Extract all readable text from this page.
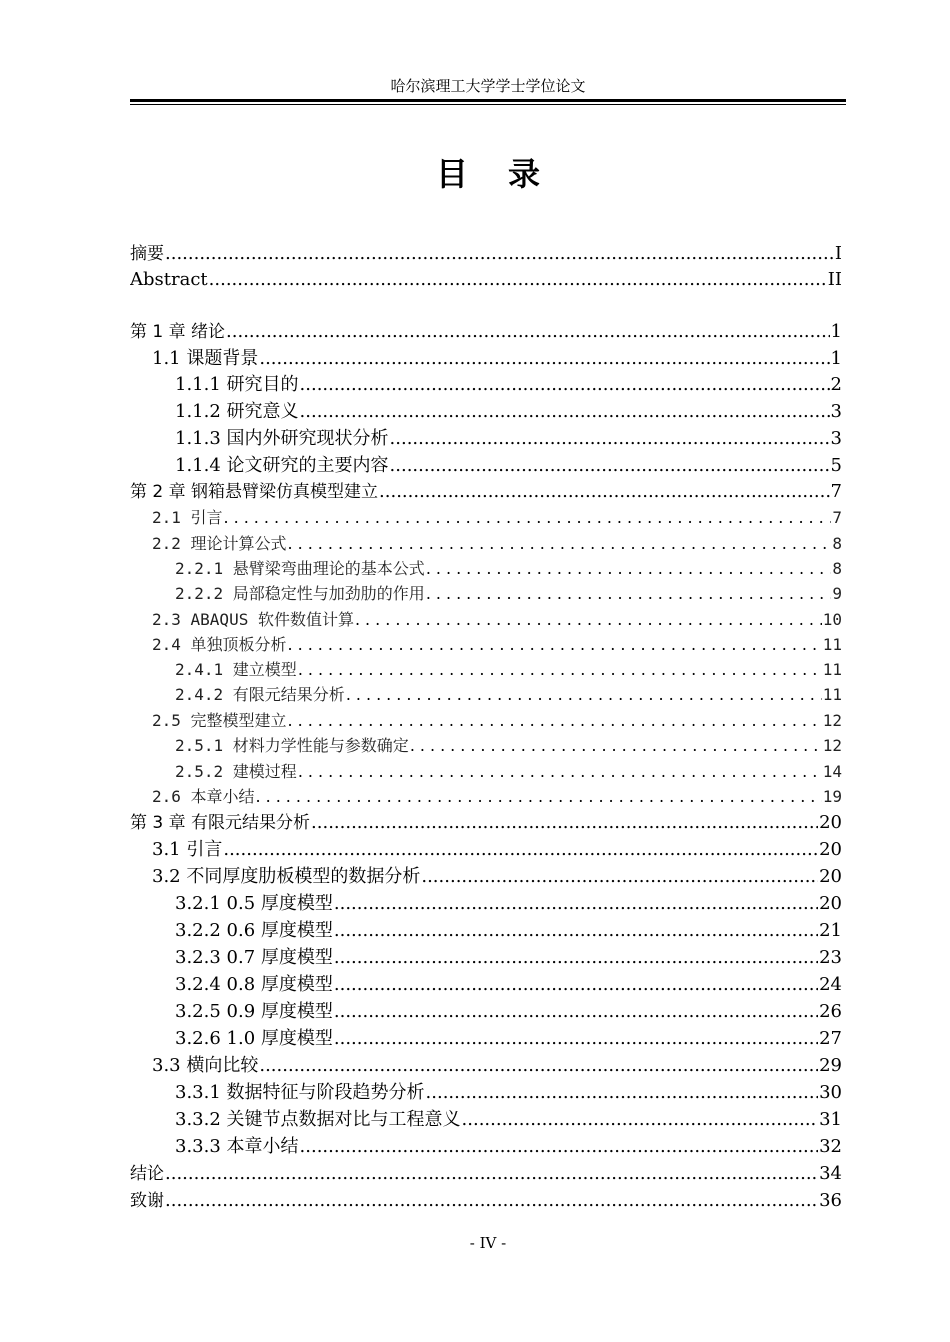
哈尔滨理工大学学士学位论文
目 录
摘要 .....	I
Abstract .....	II
第 1 章 绪论 .....	1
1.1 课题背景 .....	1
1.1.1 研究目的 .....	2
1.1.2 研究意义 .....	3
1.1.3 国内外研究现状分析 .....	3
1.1.4 论文研究的主要内容 .....	5
第 2 章 钢箱悬臂梁仿真模型建立 .....	7
2.1 引言 .....	7
2.2 理论计算公式 .....	8
2.2.1 悬臂梁弯曲理论的基本公式 .....	8
2.2.2 局部稳定性与加劲肋的作用 .....	9
2.3 ABAQUS 软件数值计算 .....	10
2.4 单独顶板分析 .....	11
2.4.1 建立模型 .....	11
2.4.2 有限元结果分析 .....	11
2.5 完整模型建立 .....	12
2.5.1 材料力学性能与参数确定 .....	12
2.5.2 建模过程 .....	14
2.6 本章小结 .....	19
第 3 章 有限元结果分析 .....	20
3.1 引言 .....	20
3.2 不同厚度肋板模型的数据分析 .....	20
3.2.1 0.5 厚度模型 .....	20
3.2.2 0.6 厚度模型 .....	21
3.2.3 0.7 厚度模型 .....	23
3.2.4 0.8 厚度模型 .....	24
3.2.5 0.9 厚度模型 .....	26
3.2.6 1.0 厚度模型 .....	27
3.3 横向比较 .....	29
3.3.1 数据特征与阶段趋势分析 .....	30
3.3.2 关键节点数据对比与工程意义 .....	31
3.3.3 本章小结 .....	32
结论 .....	34
致谢 .....	36
- IV -
